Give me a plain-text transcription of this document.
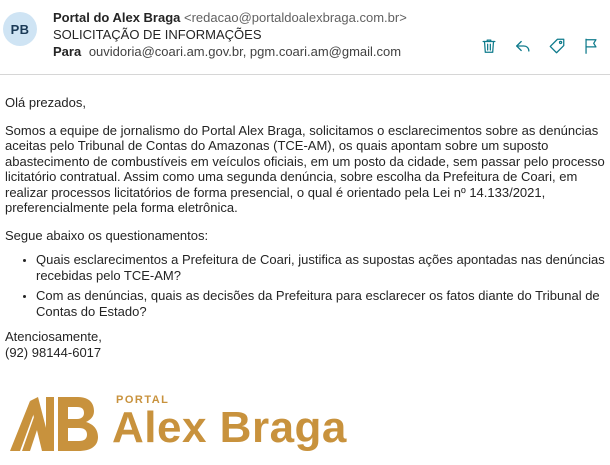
PB
Portal do Alex Braga <redacao@portaldoalexbraga.com.br>
SOLICITAÇÃO DE INFORMAÇÕES
Para ouvidoria@coari.am.gov.br, pgm.coari.am@gmail.com

Olá prezados,

Somos a equipe de jornalismo do Portal Alex Braga, solicitamos o esclarecimentos sobre as denúncias aceitas pelo Tribunal de Contas do Amazonas (TCE-AM), os quais apontam sobre um suposto abastecimento de combustíveis em veículos oficiais, em um posto da cidade, sem passar pelo processo licitatório contratual. Assim como uma segunda denúncia, sobre escolha da Prefeitura de Coari, em realizar processos licitatórios de forma presencial, o qual é orientado pela Lei nº 14.133/2021, preferencialmente pela forma eletrônica.

Segue abaixo os questionamentos:

• Quais esclarecimentos a Prefeitura de Coari, justifica as supostas ações apontadas nas denúncias recebidas pelo TCE-AM?
• Com as denúncias, quais as decisões da Prefeitura para esclarecer os fatos diante do Tribunal de Contas do Estado?

Atenciosamente,

(92) 98144-6017

PORTAL
Alex Braga
